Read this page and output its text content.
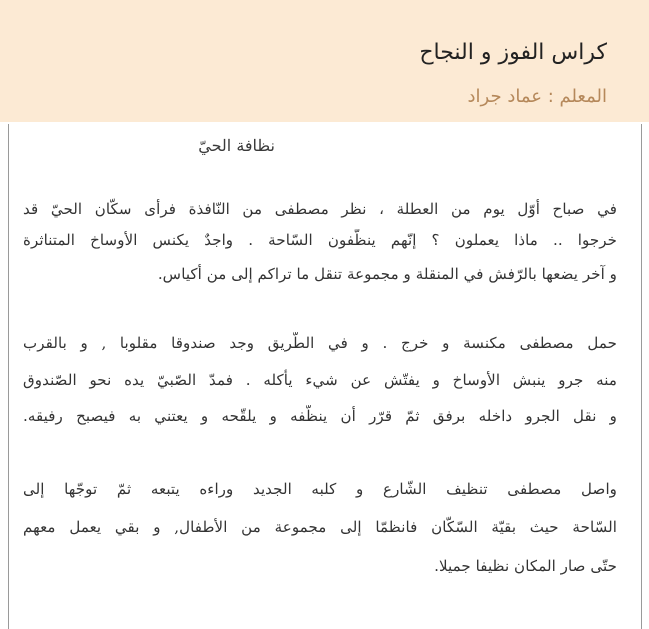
كراس الفوز و النجاح
المعلم : عماد جراد
نظافة الحيّ
في صباح أوّل يوم من العطلة ، نظر مصطفى من النّافذة فرأى سكّان الحيّ قد
خرجوا .. ماذا يعملون ؟ إنّهم ينظّفون السّاحة . واجدٌ يكنس الأوساخ المتناثرة
و آخر يضعها بالرّفش في المنقلة و مجموعة تنقل ما تراكم إلى من أكياس.
حمل مصطفى مكنسة و خرج . و في الطّريق وجد صندوقا مقلوبا , و بالقرب
منه جرو ينبش الأوساخ و يفتّش عن شيء يأكله . فمدّ الصّبيّ يده نحو الصّندوق
و نقل الجرو داخله برفق ثمّ قرّر أن ينظّفه و يلقّحه و يعتني به فيصبح رفيقه.
واصل مصطفى تنظيف الشّارع و كلبه الجديد وراءه يتبعه ثمّ توجّها إلى
السّاحة حيث بقيّة السّكّان فانظمّا إلى مجموعة من الأطفال, و بقي يعمل معهم
حتّى صار المكان نظيفا جميلا.
